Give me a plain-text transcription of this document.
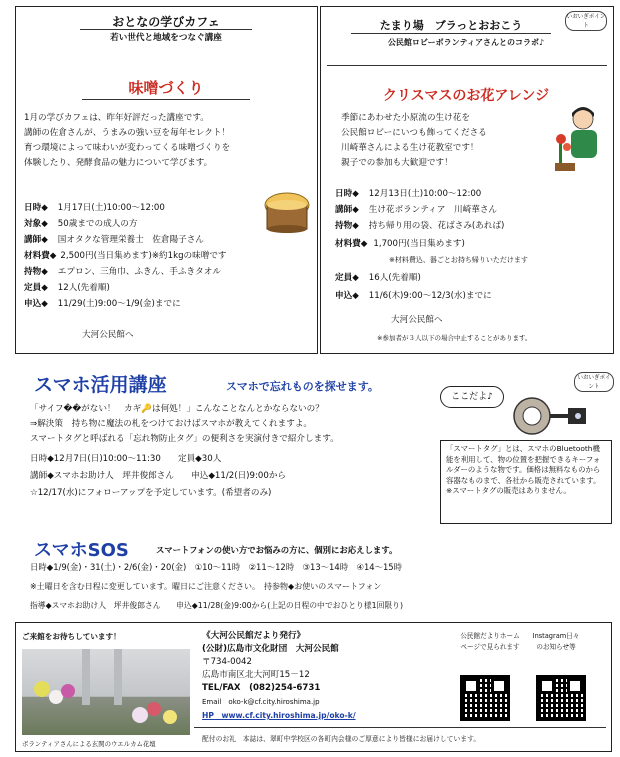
おとなの学びカフェ
若い世代と地域をつなぐ講座
味噌づくり
1月の学びカフェは、昨年好評だった講座です。
講師の佐倉さんが、うまみの強い豆を毎年セレクト！
育つ環境によって味わいが変わってくる味噌づくりを
体験したり、発酵食品の魅力について学びます。
日時◆ 1月17日(土)10:00～12:00
対象◆ 50歳までの成人の方
講師◆ 国オタクな管理栄養士　佐倉陽子さん
材料費◆ 2,500円(当日集めます)※約1kgの味噌です
持物◆ エプロン、三角巾、ふきん、手ふきタオル
定員◆ 12人(先着順)
申込◆ 11/29(土)9:00～1/9(金)までに
大河公民館へ
たまり場　ブラっとおおこう
いおいぎポイント
公民館ロビーボランティアさんとのコラボ♪
クリスマスのお花アレンジ
季節にあわせた小原流の生け花を
公民館ロビーにいつも飾ってくださる
川崎華さんによる生け花教室です！
親子での参加も大歓迎です！
日時◆ 12月13日(土)10:00～12:00
講師◆ 生け花ボランティア　川崎華さん
持物◆ 持ち帰り用の袋、花ばさみ(あれば)
材料費◆ 1,700円(当日集めます)
※材料費込、器ごとお持ち帰りいただけます
定員◆ 16人(先着順)
申込◆ 11/6(木)9:00～12/3(水)までに
大河公民館へ
※参加者が３人以下の場合中止することがあります。
スマホ活用講座	スマホで忘れものを探せます。
ここだよ♪
いおいぎポイント
「サイフ��がない！　カギ🔑は何処！」こんなことなんとかならないの？
⇒解決策　持ち物に魔法の札をつけておけばスマホが教えてくれますよ。
スマートタグと呼ばれる「忘れ物防止タグ」の便利さを実演付きで紹介します。
日時◆12月7日(日)10:00～11:30　　定員◆30人
講師◆スマホお助け人　坪井俊郎さん　　申込◆11/2(日)9:00から
☆12/17(水)にフォローアップを予定しています。(希望者のみ)
「スマートタグ」とは、スマホのBluetooth機能を利用して、物の位置を把握できるキーフォルダーのような物です。価格は無料なものから容器なものまで、各社から販売されています。※スマートタグの販売はありません。
スマホSOS	スマートフォンの使い方でお悩みの方に、個別にお応えします。
日時◆1/9(金)・31(土)・2/6(金)・20(金)　①10～11時　②11～12時　③13～14時　④14～15時
※土曜日を含む日程に変更しています。曜日にご注意ください。　持参物◆お使いのスマートフォン
指導◆スマホお助け人　坪井俊郎さん　　申込◆11/28(金)9:00から(上記の日程の中でおひとり様1回限り)
ご来館をお待ちしています！
ボランティアさんによる玄関のウエルカム花壇
《大河公民館だより発行》
(公財)広島市文化財団　大河公民館
〒734-0042
広島市南区北大河町15－12
TEL/FAX　(082)254-6731
Email　oko-k@cf.city.hiroshima.jp
HP　www.cf.city.hiroshima.jp/oko-k/
公民館だよりホームページで見られます
Instagram日々のお知らせ等
配付のお礼　本誌は、翠町中学校区の各町内会様のご厚意により皆様にお届けしています。
